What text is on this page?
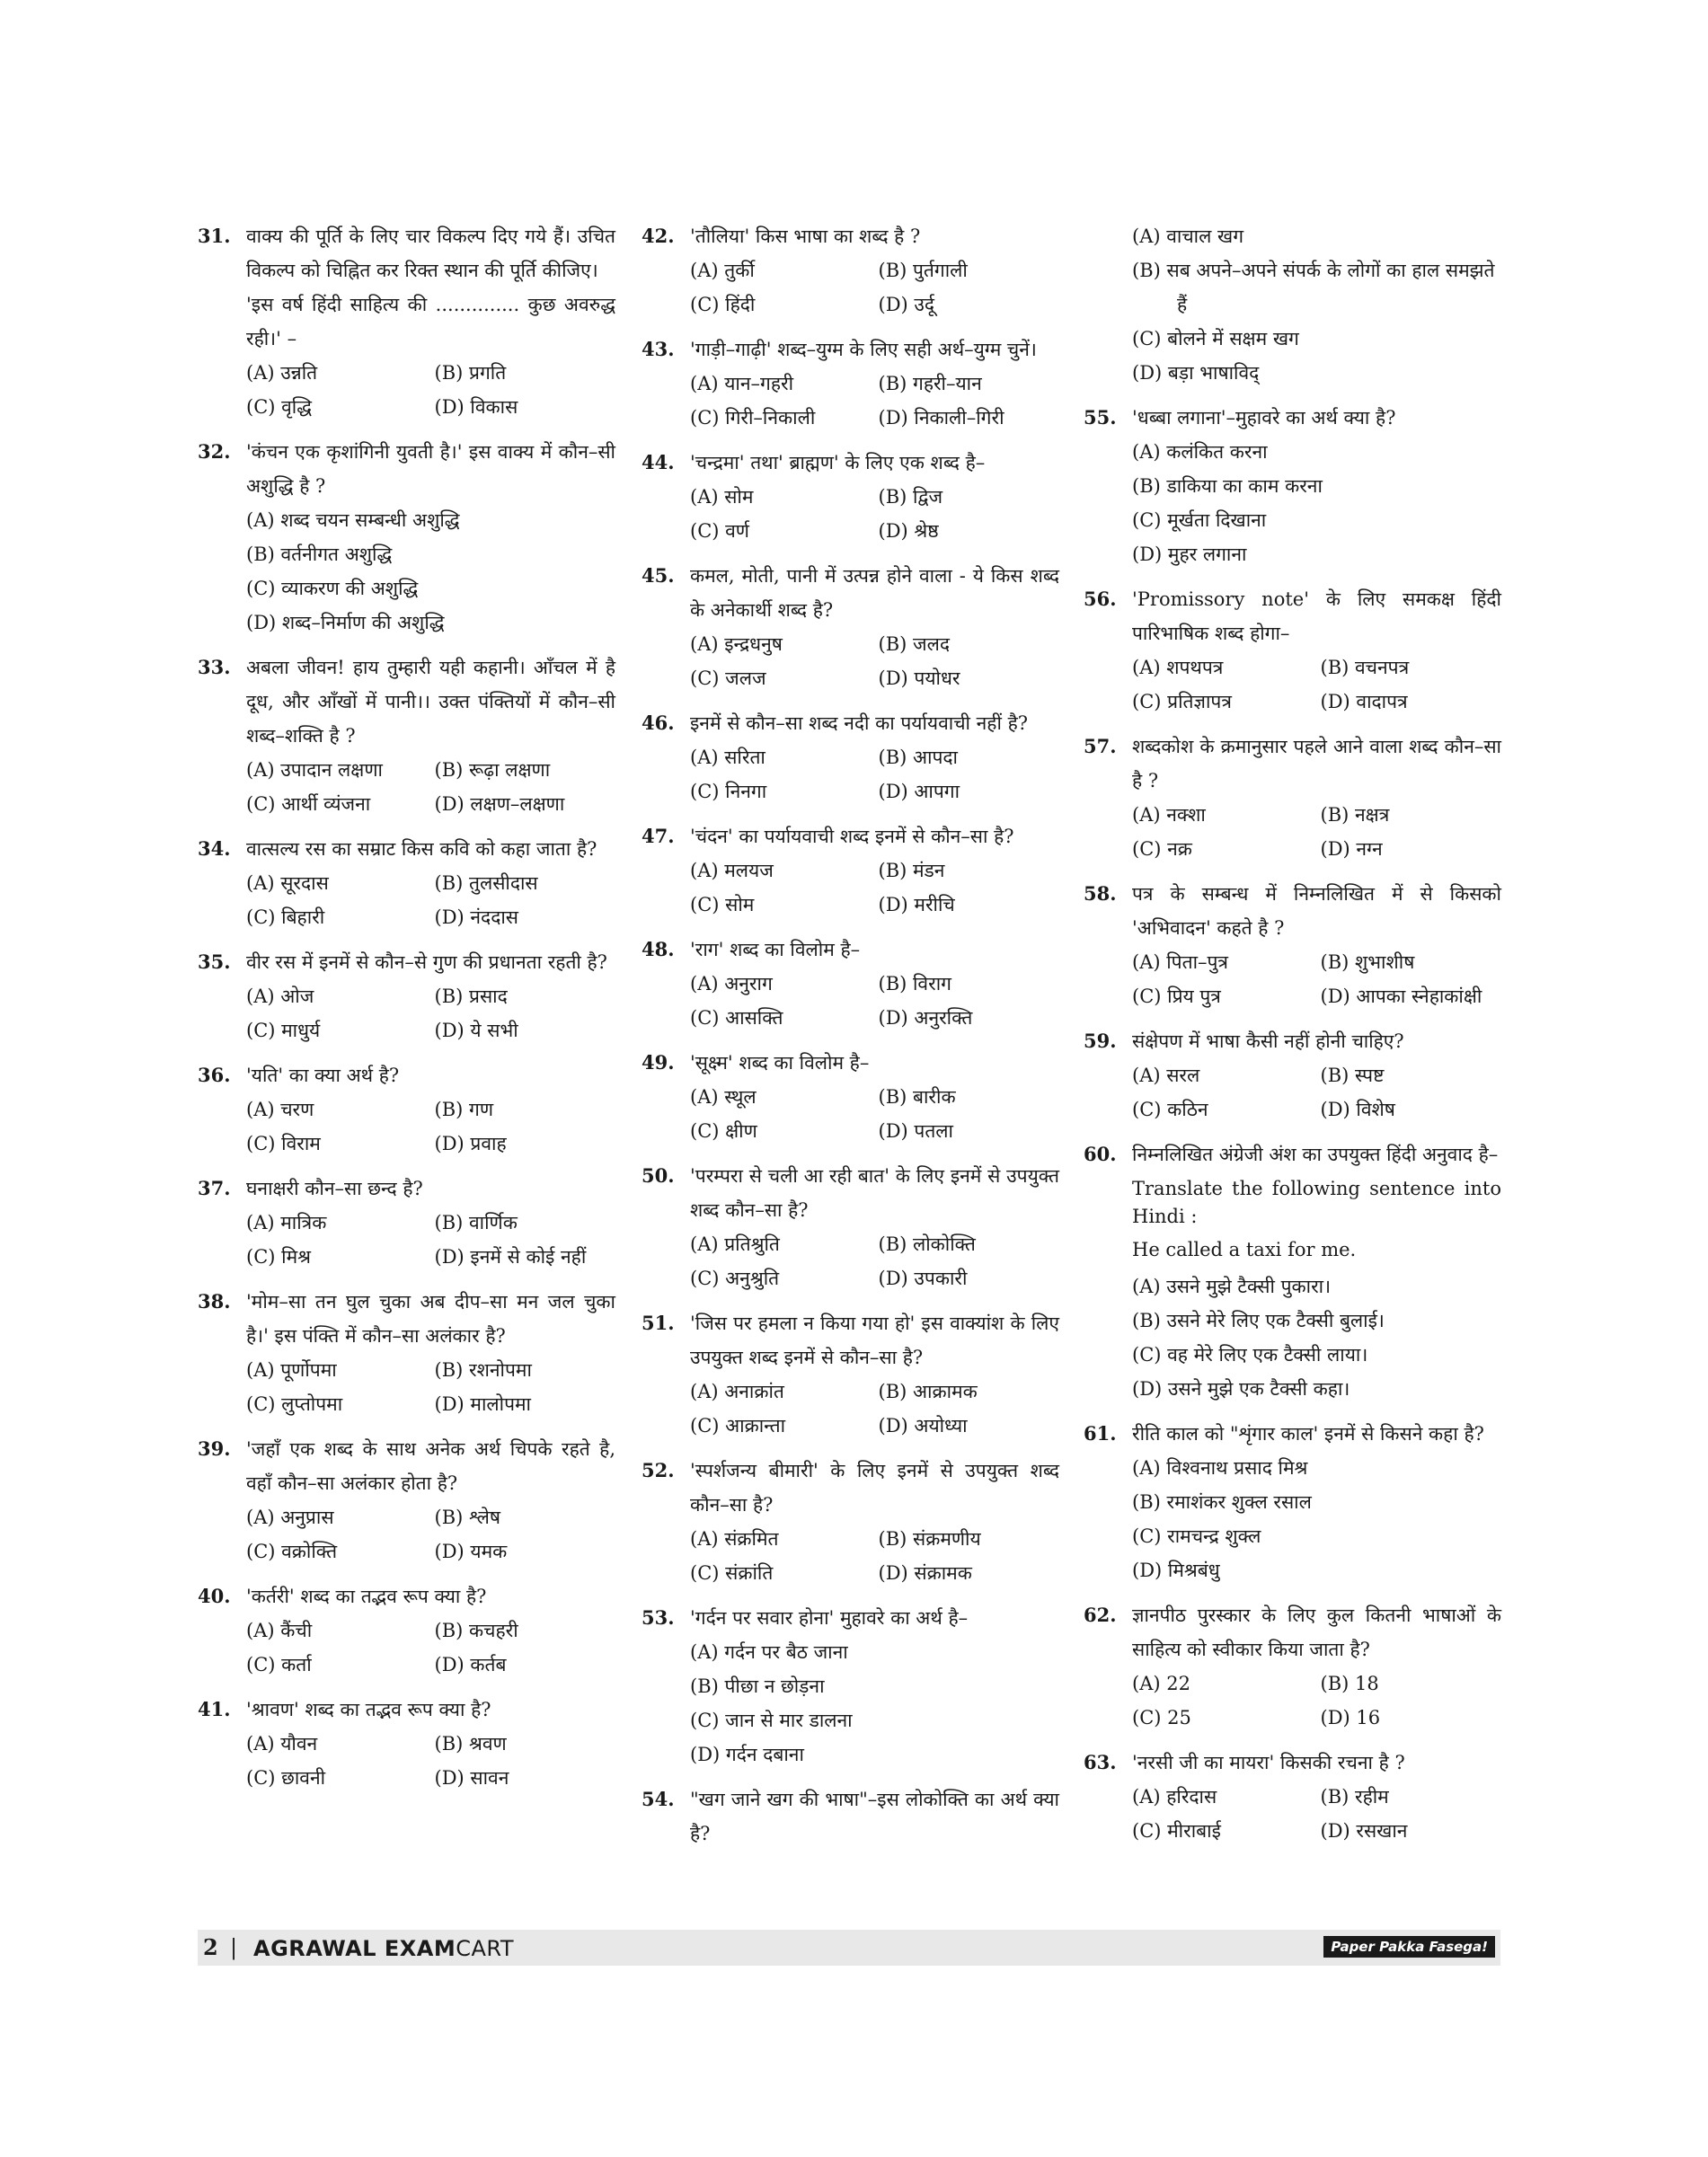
31. वाक्य की पूर्ति के लिए चार विकल्प दिए गये हैं। उचित विकल्प को चिह्नित कर रिक्त स्थान की पूर्ति कीजिए।
'इस वर्ष हिंदी साहित्य की .............. कुछ अवरुद्ध रही।' –
(A) उन्नति	(B) प्रगति
(C) वृद्धि	(D) विकास
32. 'कंचन एक कृशांगिनी युवती है।' इस वाक्य में कौन–सी अशुद्धि है ?
(A) शब्द चयन सम्बन्धी अशुद्धि
(B) वर्तनीगत अशुद्धि
(C) व्याकरण की अशुद्धि
(D) शब्द–निर्माण की अशुद्धि
33. अबला जीवन! हाय तुम्हारी यही कहानी। आँचल में है दूध, और आँखों में पानी।। उक्त पंक्तियों में कौन–सी शब्द–शक्ति है ?
(A) उपादान लक्षणा	(B) रूढ़ा लक्षणा
(C) आर्थी व्यंजना	(D) लक्षण–लक्षणा
34. वात्सल्य रस का सम्राट किस कवि को कहा जाता है?
(A) सूरदास	(B) तुलसीदास
(C) बिहारी	(D) नंददास
35. वीर रस में इनमें से कौन–से गुण की प्रधानता रहती है?
(A) ओज	(B) प्रसाद
(C) माधुर्य	(D) ये सभी
36. 'यति' का क्या अर्थ है?
(A) चरण	(B) गण
(C) विराम	(D) प्रवाह
37. घनाक्षरी कौन–सा छन्द है?
(A) मात्रिक	(B) वार्णिक
(C) मिश्र	(D) इनमें से कोई नहीं
38. 'मोम–सा तन घुल चुका अब दीप–सा मन जल चुका है।' इस पंक्ति में कौन–सा अलंकार है?
(A) पूर्णोपमा	(B) रशनोपमा
(C) लुप्तोपमा	(D) मालोपमा
39. 'जहाँ एक शब्द के साथ अनेक अर्थ चिपके रहते है, वहाँ कौन–सा अलंकार होता है?
(A) अनुप्रास	(B) श्लेष
(C) वक्रोक्ति	(D) यमक
40. 'कर्तरी' शब्द का तद्भव रूप क्या है?
(A) कैंची	(B) कचहरी
(C) कर्ता	(D) कर्तब
41. 'श्रावण' शब्द का तद्भव रूप क्या है?
(A) यौवन	(B) श्रवण
(C) छावनी	(D) सावन
42. 'तौलिया' किस भाषा का शब्द है ?
(A) तुर्की	(B) पुर्तगाली
(C) हिंदी	(D) उर्दू
43. 'गाड़ी–गाढ़ी' शब्द–युग्म के लिए सही अर्थ–युग्म चुनें।
(A) यान–गहरी	(B) गहरी–यान
(C) गिरी–निकाली	(D) निकाली–गिरी
44. 'चन्द्रमा' तथा' ब्राह्मण' के लिए एक शब्द है–
(A) सोम	(B) द्विज
(C) वर्ण	(D) श्रेष्ठ
45. कमल, मोती, पानी में उत्पन्न होने वाला - ये किस शब्द के अनेकार्थी शब्द है?
(A) इन्द्रधनुष	(B) जलद
(C) जलज	(D) पयोधर
46. इनमें से कौन–सा शब्द नदी का पर्यायवाची नहीं है?
(A) सरिता	(B) आपदा
(C) निनगा	(D) आपगा
47. 'चंदन' का पर्यायवाची शब्द इनमें से कौन–सा है?
(A) मलयज	(B) मंडन
(C) सोम	(D) मरीचि
48. 'राग' शब्द का विलोम है–
(A) अनुराग	(B) विराग
(C) आसक्ति	(D) अनुरक्ति
49. 'सूक्ष्म' शब्द का विलोम है–
(A) स्थूल	(B) बारीक
(C) क्षीण	(D) पतला
50. 'परम्परा से चली आ रही बात' के लिए इनमें से उपयुक्त शब्द कौन–सा है?
(A) प्रतिश्रुति	(B) लोकोक्ति
(C) अनुश्रुति	(D) उपकारी
51. 'जिस पर हमला न किया गया हो' इस वाक्यांश के लिए उपयुक्त शब्द इनमें से कौन–सा है?
(A) अनाक्रांत	(B) आक्रामक
(C) आक्रान्ता	(D) अयोध्या
52. 'स्पर्शजन्य बीमारी' के लिए इनमें से उपयुक्त शब्द कौन–सा है?
(A) संक्रमित	(B) संक्रमणीय
(C) संक्रांति	(D) संक्रामक
53. 'गर्दन पर सवार होना' मुहावरे का अर्थ है–
(A) गर्दन पर बैठ जाना
(B) पीछा न छोड़ना
(C) जान से मार डालना
(D) गर्दन दबाना
54. "खग जाने खग की भाषा"–इस लोकोक्ति का अर्थ क्या है?
(A) वाचाल खग
(B) सब अपने–अपने संपर्क के लोगों का हाल समझते हैं
(C) बोलने में सक्षम खग
(D) बड़ा भाषाविद्
55. 'धब्बा लगाना'–मुहावरे का अर्थ क्या है?
(A) कलंकित करना
(B) डाकिया का काम करना
(C) मूर्खता दिखाना
(D) मुहर लगाना
56. 'Promissory note' के लिए समकक्ष हिंदी पारिभाषिक शब्द होगा–
(A) शपथपत्र	(B) वचनपत्र
(C) प्रतिज्ञापत्र	(D) वादापत्र
57. शब्दकोश के क्रमानुसार पहले आने वाला शब्द कौन–सा है ?
(A) नक्शा	(B) नक्षत्र
(C) नक्र	(D) नग्न
58. पत्र के सम्बन्ध में निम्नलिखित में से किसको 'अभिवादन' कहते है ?
(A) पिता–पुत्र	(B) शुभाशीष
(C) प्रिय पुत्र	(D) आपका स्नेहाकांक्षी
59. संक्षेपण में भाषा कैसी नहीं होनी चाहिए?
(A) सरल	(B) स्पष्ट
(C) कठिन	(D) विशेष
60. निम्नलिखित अंग्रेजी अंश का उपयुक्त हिंदी अनुवाद है–
Translate the following sentence into Hindi :
He called a taxi for me.
(A) उसने मुझे टैक्सी पुकारा।
(B) उसने मेरे लिए एक टैक्सी बुलाई।
(C) वह मेरे लिए एक टैक्सी लाया।
(D) उसने मुझे एक टैक्सी कहा।
61. रीति काल को "शृंगार काल' इनमें से किसने कहा है?
(A) विश्वनाथ प्रसाद मिश्र
(B) रमाशंकर शुक्ल रसाल
(C) रामचन्द्र शुक्ल
(D) मिश्रबंधु
62. ज्ञानपीठ पुरस्कार के लिए कुल कितनी भाषाओं के साहित्य को स्वीकार किया जाता है?
(A) 22	(B) 18
(C) 25	(D) 16
63. 'नरसी जी का मायरा' किसकी रचना है ?
(A) हरिदास	(B) रहीम
(C) मीराबाई	(D) रसखान
2 | AGRAWAL EXAMCART	Paper Pakka Fasega!
